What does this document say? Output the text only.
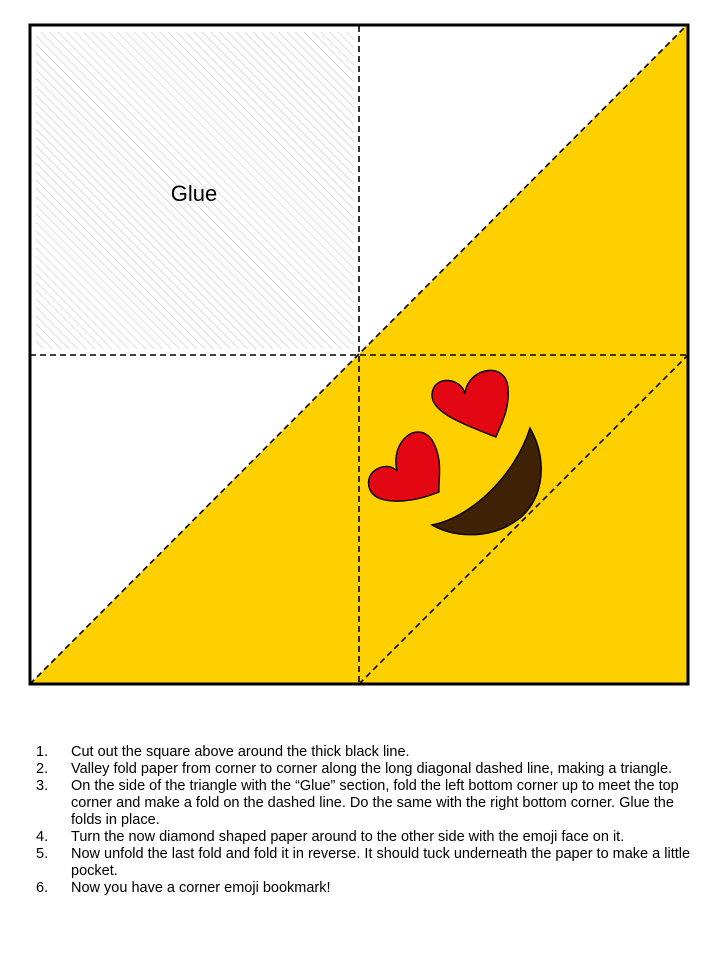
Glue
1. Cut out the square above around the thick black line.
2. Valley fold paper from corner to corner along the long diagonal dashed line, making a triangle.
3. On the side of the triangle with the “Glue” section, fold the left bottom corner up to meet the top corner and make a fold on the dashed line. Do the same with the right bottom corner. Glue the folds in place.
4. Turn the now diamond shaped paper around to the other side with the emoji face on it.
5. Now unfold the last fold and fold it in reverse. It should tuck underneath the paper to make a little pocket.
6. Now you have a corner emoji bookmark!
